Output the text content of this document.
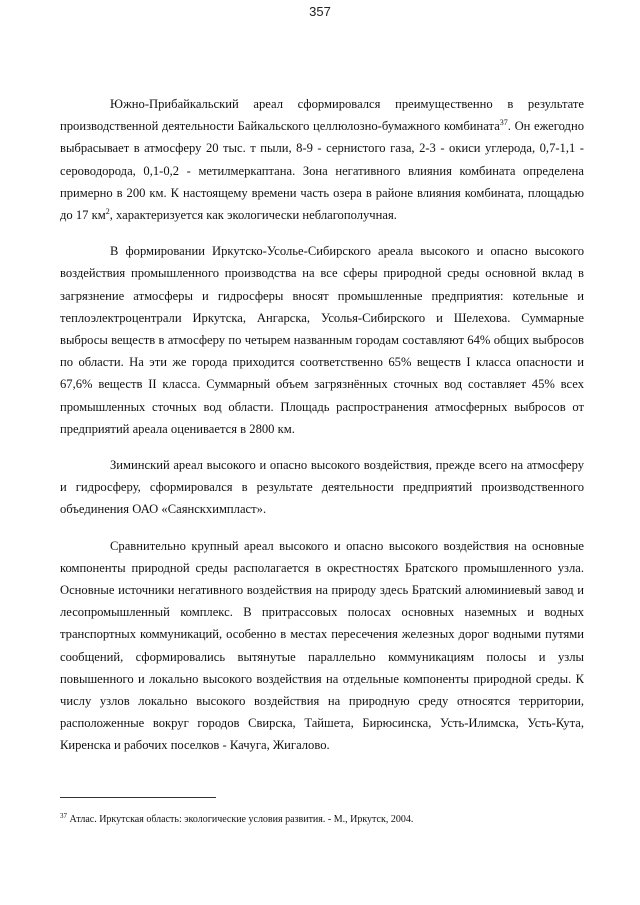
357

Южно-Прибайкальский ареал сформировался преимущественно в результате производственной деятельности Байкальского целлюлозно-бумажного комбината$^{37}$. Он ежегодно выбрасывает в атмосферу 20 тыс. т пыли, 8-9 - сернистого газа, 2-3 - окиси углерода, 0,7-1,1 - сероводорода, 0,1-0,2 - метилмеркаптана. Зона негативного влияния комбината определена примерно в 200 км. К настоящему времени часть озера в районе влияния комбината, площадью до 17 $км^2$, характеризуется как экологически неблагополучная.

В формировании Иркутско-Усолье-Сибирского ареала высокого и опасно высокого воздействия промышленного производства на все сферы природной среды основной вклад в загрязнение атмосферы и гидросферы вносят промышленные предприятия: котельные и теплоэлектроцентрали Иркутска, Ангарска, Усолья-Сибирского и Шелехова. Суммарные выбросы веществ в атмосферу по четырем названным городам составляют 64% общих выбросов по области. На эти же города приходится соответственно 65% веществ I класса опасности и 67,6% веществ II класса. Суммарный объем загрязнённых сточных вод составляет 45% всех промышленных сточных вод области. Площадь распространения атмосферных выбросов от предприятий ареала оценивается в 2800 км.

Зиминский ареал высокого и опасно высокого воздействия, прежде всего на атмосферу и гидросферу, сформировался в результате деятельности предприятий производственного объединения ОАО «Саянскхимпласт».

Сравнительно крупный ареал высокого и опасно высокого воздействия на основные компоненты природной среды располагается в окрестностях Братского промышленного узла. Основные источники негативного воздействия на природу здесь Братский алюминиевый завод и лесопромышленный комплекс. В притрассовых полосах основных наземных и водных транспортных коммуникаций, особенно в местах пересечения железных дорог водными путями сообщений, сформировались вытянутые параллельно коммуникациям полосы и узлы повышенного и локально высокого воздействия на отдельные компоненты природной среды. К числу узлов локально высокого воздействия на природную среду относятся территории, расположенные вокруг городов Свирска, Тайшета, Бирюсинска, Усть-Илимска, Усть-Кута, Киренска и рабочих поселков - Качуга, Жигалово.

$^{37}$ Атлас. Иркутская область: экологические условия развития. - М., Иркутск, 2004.
